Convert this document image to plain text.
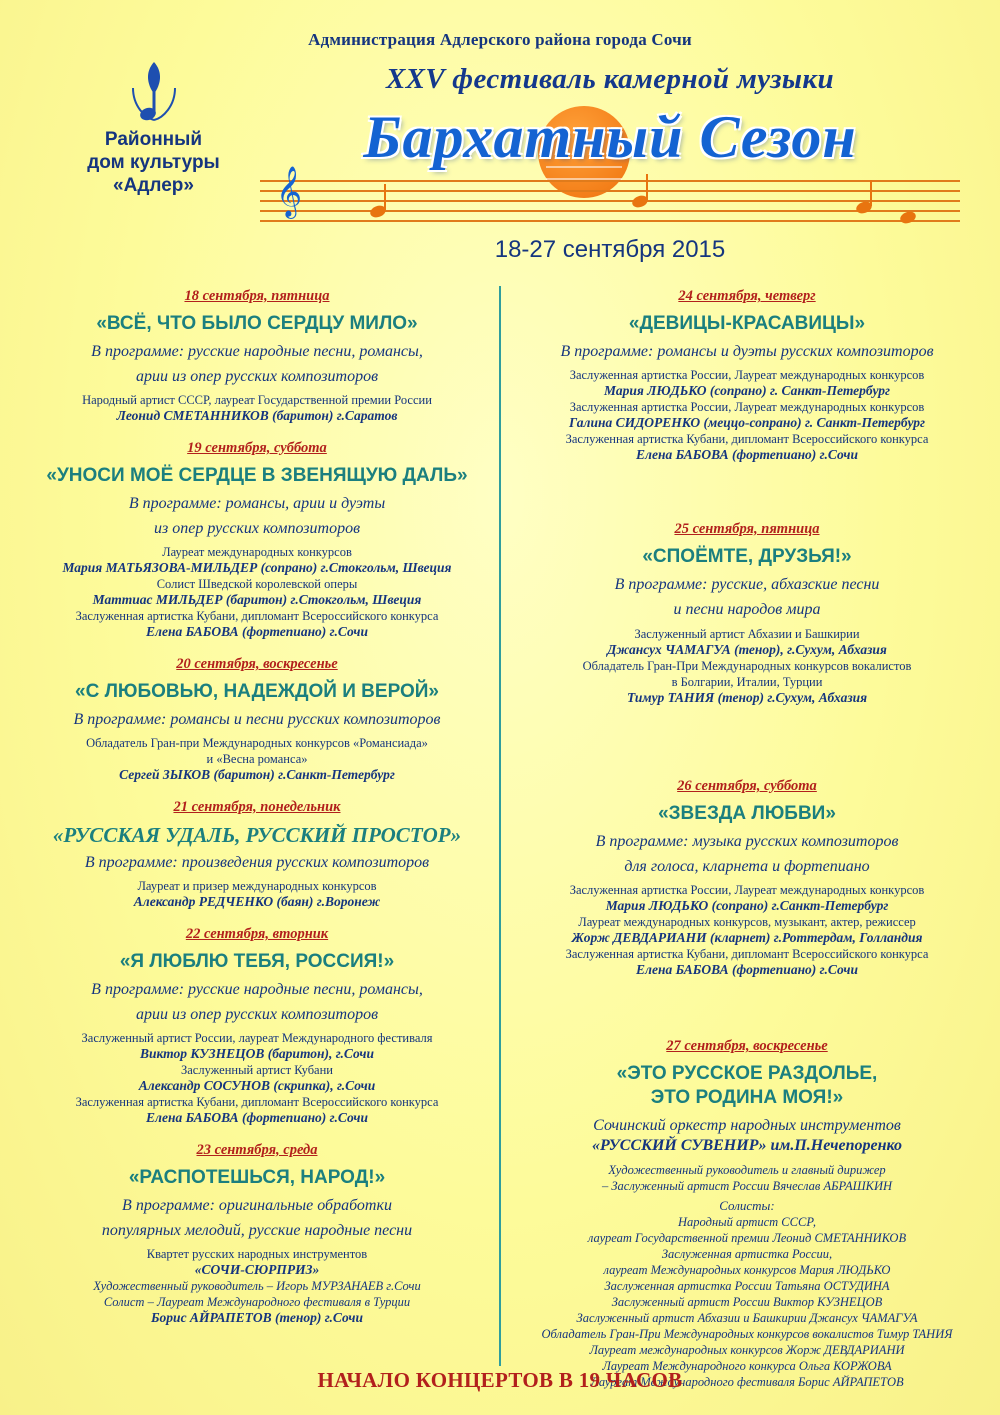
Администрация Адлерского района города Сочи
Районный
дом культуры
«Адлер»
XXV фестиваль камерной музыки
Бархатный Сезон
𝄞
18-27 сентября 2015
18 сентября, пятница
«ВСЁ, ЧТО БЫЛО СЕРДЦУ МИЛО»
В программе: русские народные песни, романсы,
арии из опер русских композиторов
Народный артист СССР, лауреат Государственной премии России
Леонид СМЕТАННИКОВ (баритон) г.Саратов
19 сентября, суббота
«УНОСИ МОЁ СЕРДЦЕ В ЗВЕНЯЩУЮ ДАЛЬ»
В программе: романсы, арии и дуэты
из опер русских композиторов
Лауреат международных конкурсов
Мария МАТЬЯЗОВА-МИЛЬДЕР (сопрано) г.Стокгольм, Швеция
Солист Шведской королевской оперы
Маттиас МИЛЬДЕР (баритон) г.Стокгольм, Швеция
Заслуженная артистка Кубани, дипломант Всероссийского конкурса
Елена БАБОВА (фортепиано) г.Сочи
20 сентября, воскресенье
«С ЛЮБОВЬЮ, НАДЕЖДОЙ И ВЕРОЙ»
В программе: романсы и песни русских композиторов
Обладатель Гран-при Международных конкурсов «Романсиада»
и «Весна романса»
Сергей ЗЫКОВ (баритон) г.Санкт-Петербург
21 сентября, понедельник
«РУССКАЯ УДАЛЬ, РУССКИЙ ПРОСТОР»
В программе: произведения русских композиторов
Лауреат и призер международных конкурсов
Александр РЕДЧЕНКО (баян) г.Воронеж
22 сентября, вторник
«Я ЛЮБЛЮ ТЕБЯ, РОССИЯ!»
В программе: русские народные песни, романсы,
арии из опер русских композиторов
Заслуженный артист России, лауреат Международного фестиваля
Виктор КУЗНЕЦОВ (баритон), г.Сочи
Заслуженный артист Кубани
Александр СОСУНОВ (скрипка), г.Сочи
Заслуженная артистка Кубани, дипломант Всероссийского конкурса
Елена БАБОВА (фортепиано) г.Сочи
23 сентября, среда
«РАСПОТЕШЬСЯ, НАРОД!»
В программе: оригинальные обработки
популярных мелодий, русские народные песни
Квартет русских народных инструментов
«СОЧИ-СЮРПРИЗ»
Художественный руководитель – Игорь МУРЗАНАЕВ г.Сочи
Солист – Лауреат Международного фестиваля в Турции
Борис АЙРАПЕТОВ (тенор) г.Сочи
24 сентября, четверг
«ДЕВИЦЫ-КРАСАВИЦЫ»
В программе: романсы и дуэты русских композиторов
Заслуженная артистка России, Лауреат международных конкурсов
Мария ЛЮДЬКО (сопрано) г. Санкт-Петербург
Заслуженная артистка России, Лауреат международных конкурсов
Галина СИДОРЕНКО (меццо-сопрано) г. Санкт-Петербург
Заслуженная артистка Кубани, дипломант Всероссийского конкурса
Елена БАБОВА (фортепиано) г.Сочи
25 сентября, пятница
«СПОЁМТЕ, ДРУЗЬЯ!»
В программе: русские, абхазские песни
и песни народов мира
Заслуженный артист Абхазии и Башкирии
Джансух ЧАМАГУА (тенор), г.Сухум, Абхазия
Обладатель Гран-При Международных конкурсов вокалистов
в Болгарии, Италии, Турции
Тимур ТАНИЯ (тенор) г.Сухум, Абхазия
26 сентября, суббота
«ЗВЕЗДА ЛЮБВИ»
В программе: музыка русских композиторов
для голоса, кларнета и фортепиано
Заслуженная артистка России, Лауреат международных конкурсов
Мария ЛЮДЬКО (сопрано) г.Санкт-Петербург
Лауреат международных конкурсов, музыкант, актер, режиссер
Жорж ДЕВДАРИАНИ (кларнет) г.Роттердам, Голландия
Заслуженная артистка Кубани, дипломант Всероссийского конкурса
Елена БАБОВА (фортепиано) г.Сочи
27 сентября, воскресенье
«ЭТО РУССКОЕ РАЗДОЛЬЕ,
ЭТО РОДИНА МОЯ!»
Сочинский оркестр народных инструментов
«РУССКИЙ СУВЕНИР» им.П.Нечепоренко
Художественный руководитель и главный дирижер
– Заслуженный артист России Вячеслав АБРАШКИН
Солисты:
Народный артист СССР,
лауреат Государственной премии Леонид СМЕТАННИКОВ
Заслуженная артистка России,
лауреат Международных конкурсов Мария ЛЮДЬКО
Заслуженная артистка России Татьяна ОСТУДИНА
Заслуженный артист России Виктор КУЗНЕЦОВ
Заслуженный артист Абхазии и Башкирии Джансух ЧАМАГУА
Обладатель Гран-При Международных конкурсов вокалистов Тимур ТАНИЯ
Лауреат международных конкурсов Жорж ДЕВДАРИАНИ
Лауреат Международного конкурса Ольга КОРЖОВА
Лауреат Международного фестиваля Борис АЙРАПЕТОВ
НАЧАЛО КОНЦЕРТОВ В 19 ЧАСОВ
